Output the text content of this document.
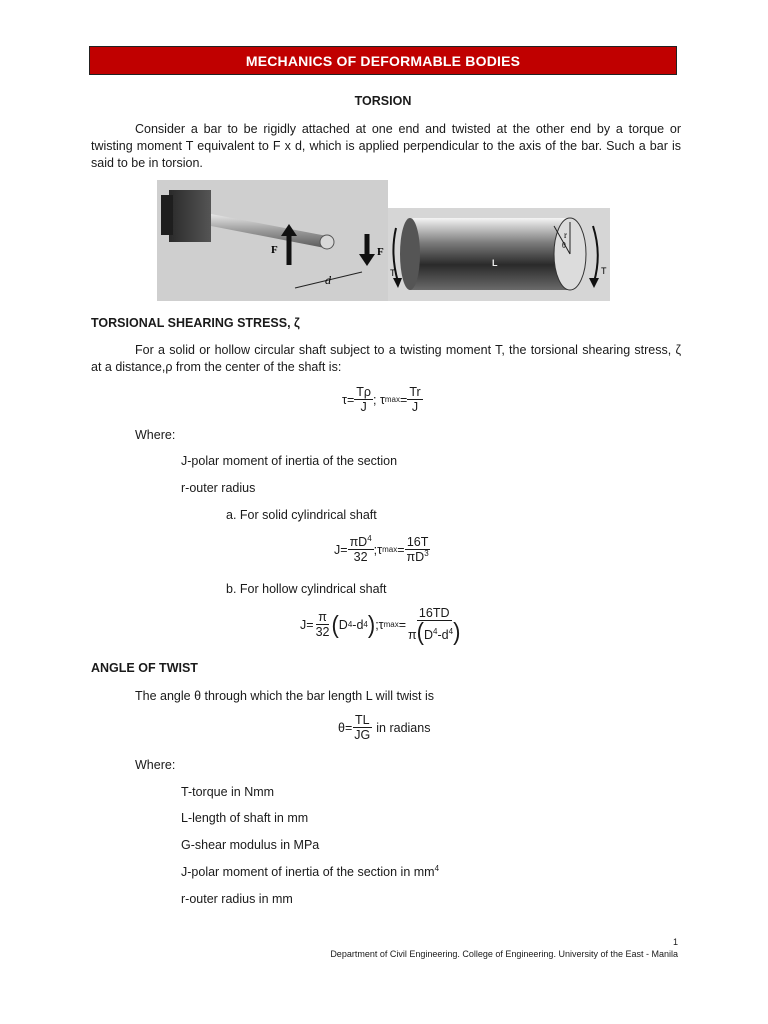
MECHANICS OF DEFORMABLE BODIES
TORSION
Consider a bar to be rigidly attached at one end and twisted at the other end by a torque or twisting moment T equivalent to F x d, which is applied perpendicular to the axis of the bar. Such a bar is said to be in torsion.
F	F
d
r
θ
L
T	T
TORSIONAL SHEARING STRESS, ζ
For a solid or hollow circular shaft subject to a twisting moment T, the torsional shearing stress, ζ at a distance,ρ from the center of the shaft is:
$\tau= \frac{T\rho}{J}$ ; τ $\max = \frac{Tr}{J}$
Where:
J-polar moment of inertia of the section
r-outer radius
a. For solid cylindrical shaft
$J= \frac{\pi D^4}{32}$ ;τ $\max = \frac{16T}{\pi D^3}$
b. For hollow cylindrical shaft
$J= \frac{\pi}{32}$ ( D 4 -d 4 ) ;τ $\max = \frac{16TD}{\pi(D^4-d^4)}$
ANGLE OF TWIST
The angle θ through which the bar length L will twist is
$\theta= \frac{TL}{JG}$ in radians
Where:
T-torque in Nmm
L-length of shaft in mm
G-shear modulus in MPa
J-polar moment of inertia of the section in $mm^4$
r-outer radius in mm
1
Department of Civil Engineering. College of Engineering. University of the East - Manila
